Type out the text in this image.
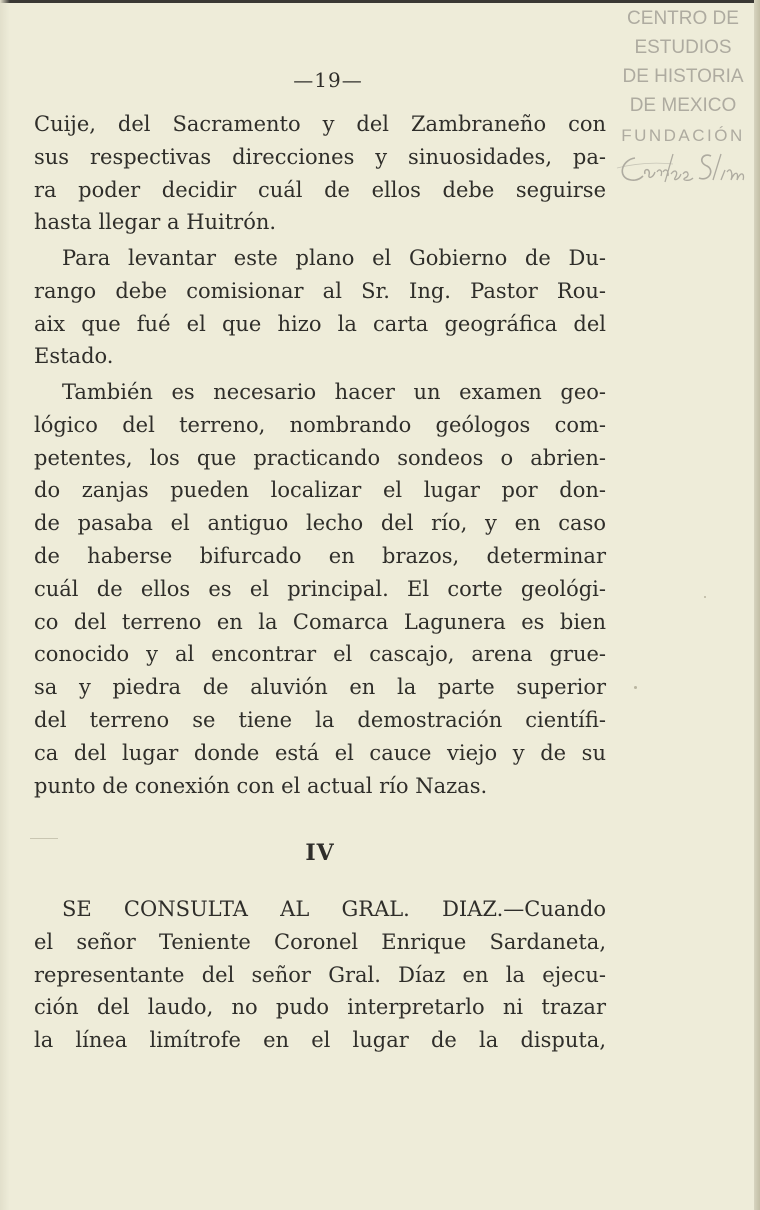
—19—
CENTRO DE
ESTUDIOS
DE HISTORIA
DE MEXICO
FUNDACIÓN
Cuije, del Sacramento y del Zambraneño con
sus respectivas direcciones y sinuosidades, pa-
ra poder decidir cuál de ellos debe seguirse
hasta llegar a Huitrón.
Para levantar este plano el Gobierno de Du-
rango debe comisionar al Sr. Ing. Pastor Rou-
aix que fué el que hizo la carta geográfica del
Estado.
También es necesario hacer un examen geo-
lógico del terreno, nombrando geólogos com-
petentes, los que practicando sondeos o abrien-
do zanjas pueden localizar el lugar por don-
de pasaba el antiguo lecho del río, y en caso
de haberse bifurcado en brazos, determinar
cuál de ellos es el principal. El corte geológi-
co del terreno en la Comarca Lagunera es bien
conocido y al encontrar el cascajo, arena grue-
sa y piedra de aluvión en la parte superior
del terreno se tiene la demostración científi-
ca del lugar donde está el cauce viejo y de su
punto de conexión con el actual río Nazas.
IV
SE CONSULTA AL GRAL. DIAZ.—Cuando
el señor Teniente Coronel Enrique Sardaneta,
representante del señor Gral. Díaz en la ejecu-
ción del laudo, no pudo interpretarlo ni trazar
la línea limítrofe en el lugar de la disputa,
